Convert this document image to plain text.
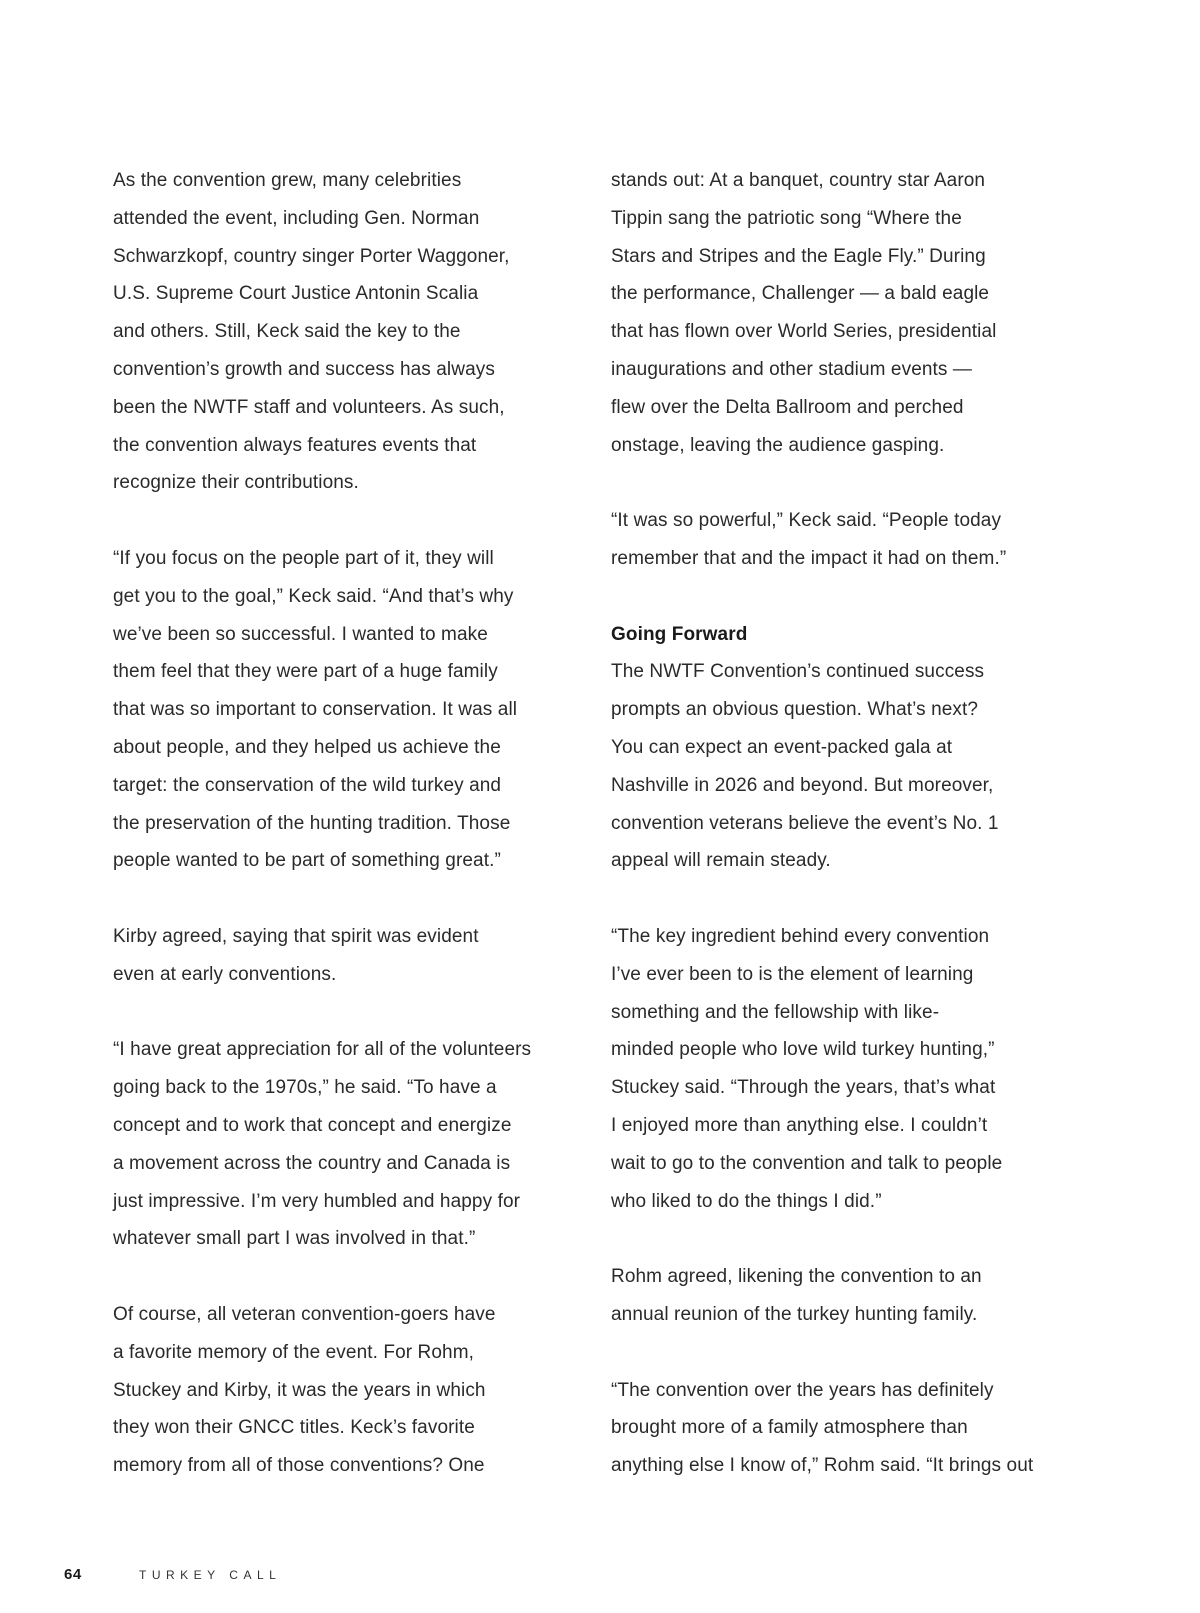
As the convention grew, many celebrities
attended the event, including Gen. Norman
Schwarzkopf, country singer Porter Waggoner,
U.S. Supreme Court Justice Antonin Scalia
and others. Still, Keck said the key to the
convention’s growth and success has always
been the NWTF staff and volunteers. As such,
the convention always features events that
recognize their contributions.
“If you focus on the people part of it, they will
get you to the goal,” Keck said. “And that’s why
we’ve been so successful. I wanted to make
them feel that they were part of a huge family
that was so important to conservation. It was all
about people, and they helped us achieve the
target: the conservation of the wild turkey and
the preservation of the hunting tradition. Those
people wanted to be part of something great.”
Kirby agreed, saying that spirit was evident
even at early conventions.
“I have great appreciation for all of the volunteers
going back to the 1970s,” he said. “To have a
concept and to work that concept and energize
a movement across the country and Canada is
just impressive. I’m very humbled and happy for
whatever small part I was involved in that.”
Of course, all veteran convention-goers have
a favorite memory of the event. For Rohm,
Stuckey and Kirby, it was the years in which
they won their GNCC titles. Keck’s favorite
memory from all of those conventions? One
stands out: At a banquet, country star Aaron
Tippin sang the patriotic song “Where the
Stars and Stripes and the Eagle Fly.” During
the performance, Challenger — a bald eagle
that has flown over World Series, presidential
inaugurations and other stadium events —
flew over the Delta Ballroom and perched
onstage, leaving the audience gasping.
“It was so powerful,” Keck said. “People today
remember that and the impact it had on them.”
Going Forward
The NWTF Convention’s continued success
prompts an obvious question. What’s next?
You can expect an event-packed gala at
Nashville in 2026 and beyond. But moreover,
convention veterans believe the event’s No. 1
appeal will remain steady.
“The key ingredient behind every convention
I’ve ever been to is the element of learning
something and the fellowship with like-
minded people who love wild turkey hunting,”
Stuckey said. “Through the years, that’s what
I enjoyed more than anything else. I couldn’t
wait to go to the convention and talk to people
who liked to do the things I did.”
Rohm agreed, likening the convention to an
annual reunion of the turkey hunting family.
“The convention over the years has definitely
brought more of a family atmosphere than
anything else I know of,” Rohm said. “It brings out
64	TURKEY CALL
